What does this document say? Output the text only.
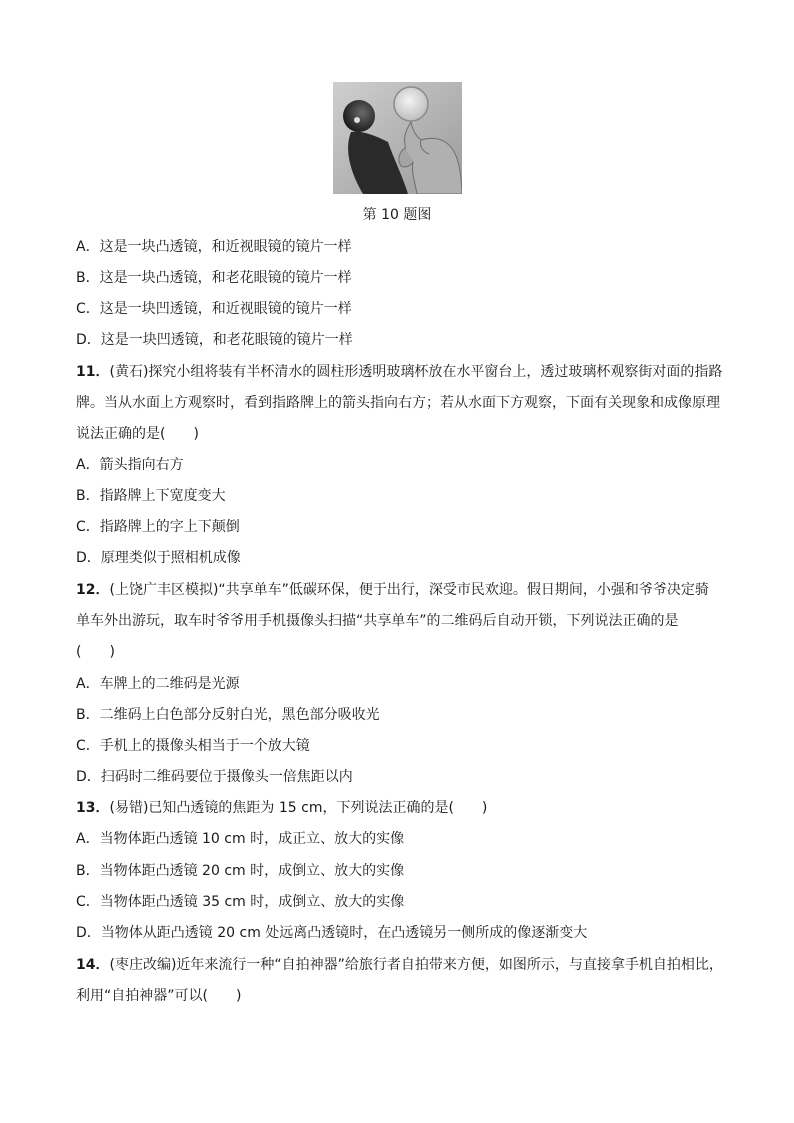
第 10 题图
A．这是一块凸透镜，和近视眼镜的镜片一样
B．这是一块凸透镜，和老花眼镜的镜片一样
C．这是一块凹透镜，和近视眼镜的镜片一样
D．这是一块凹透镜，和老花眼镜的镜片一样
11．(黄石)探究小组将装有半杯清水的圆柱形透明玻璃杯放在水平窗台上，透过玻璃杯观察街对面的指路
牌。当从水面上方观察时，看到指路牌上的箭头指向右方；若从水面下方观察，下面有关现象和成像原理
说法正确的是(　　)
A．箭头指向右方
B．指路牌上下宽度变大
C．指路牌上的字上下颠倒
D．原理类似于照相机成像
12．(上饶广丰区模拟)“共享单车”低碳环保，便于出行，深受市民欢迎。假日期间，小强和爷爷决定骑
单车外出游玩，取车时爷爷用手机摄像头扫描“共享单车”的二维码后自动开锁，下列说法正确的是
(　　)
A．车牌上的二维码是光源
B．二维码上白色部分反射白光，黑色部分吸收光
C．手机上的摄像头相当于一个放大镜
D．扫码时二维码要位于摄像头一倍焦距以内
13．(易错)已知凸透镜的焦距为 15 cm，下列说法正确的是(　　)
A．当物体距凸透镜 10 cm 时，成正立、放大的实像
B．当物体距凸透镜 20 cm 时，成倒立、放大的实像
C．当物体距凸透镜 35 cm 时，成倒立、放大的实像
D．当物体从距凸透镜 20 cm 处远离凸透镜时，在凸透镜另一侧所成的像逐渐变大
14．(枣庄改编)近年来流行一种“自拍神器”给旅行者自拍带来方便，如图所示，与直接拿手机自拍相比，
利用“自拍神器”可以(　　)
